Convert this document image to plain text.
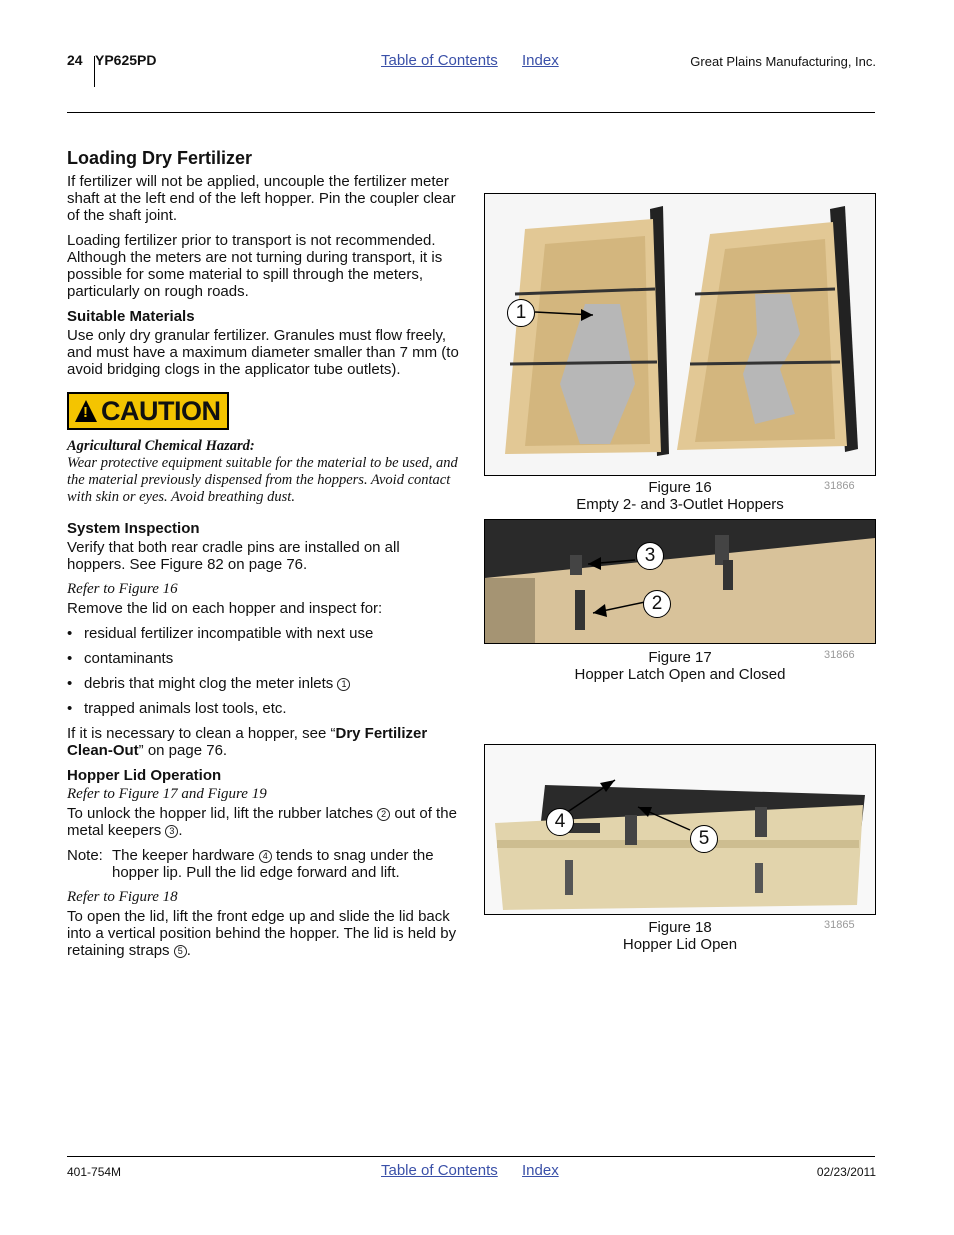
24 YP625PD	Table of Contents Index	Great Plains Manufacturing, Inc.
Loading Dry Fertilizer

If fertilizer will not be applied, uncouple the fertilizer meter shaft at the left end of the left hopper. Pin the coupler clear of the shaft joint.

Loading fertilizer prior to transport is not recommended. Although the meters are not turning during transport, it is possible for some material to spill through the meters, particularly on rough roads.

Suitable Materials

Use only dry granular fertilizer. Granules must flow freely, and must have a maximum diameter smaller than 7 mm (to avoid bridging clogs in the applicator tube outlets).

! CAUTION
Agricultural Chemical Hazard:

Wear protective equipment suitable for the material to be used, and the material previously dispensed from the hoppers. Avoid contact with skin or eyes. Avoid breathing dust.

System Inspection

Verify that both rear cradle pins are installed on all hoppers. See Figure 82 on page 76.

Refer to Figure 16

Remove the lid on each hopper and inspect for:

• residual fertilizer incompatible with next use
• contaminants
• debris that might clog the meter inlets 1
• trapped animals lost tools, etc.

If it is necessary to clean a hopper, see “Dry Fertilizer Clean-Out” on page 76.

Hopper Lid Operation
Refer to Figure 17 and Figure 19

To unlock the hopper lid, lift the rubber latches 2 out of the metal keepers 3 .

Note: The keeper hardware 4 tends to snag under the hopper lip. Pull the lid edge forward and lift.
Refer to Figure 18

To open the lid, lift the front edge up and slide the lid back into a vertical position behind the hopper. The lid is held by retaining straps 5 .

1
Figure 16
Empty 2- and 3-Outlet Hoppers
31866
3
2
Figure 17
Hopper Latch Open and Closed
31866
4
5
Figure 18
Hopper Lid Open
31865
401-754M	Table of Contents Index	02/23/2011
